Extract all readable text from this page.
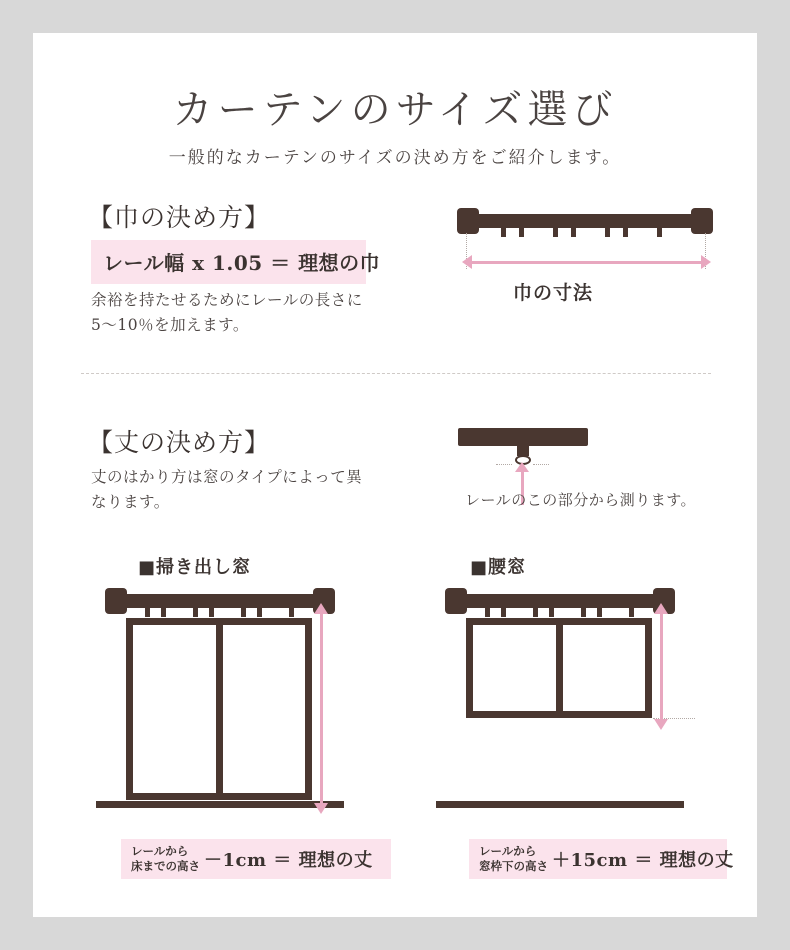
カーテンのサイズ選び
一般的なカーテンのサイズの決め方をご紹介します。
【巾の決め方】
レール幅 x 1.05 ＝ 理想の巾
余裕を持たせるためにレールの長さに5〜10％を加えます。
巾の寸法
【丈の決め方】
丈のはかり方は窓のタイプによって異なります。	レールのこの部分から測ります。
■掃き出し窓	■腰窓
レールから
床までの高さ －1cm ＝ 理想の丈	レールから
窓枠下の高さ ＋15cm ＝ 理想の丈
